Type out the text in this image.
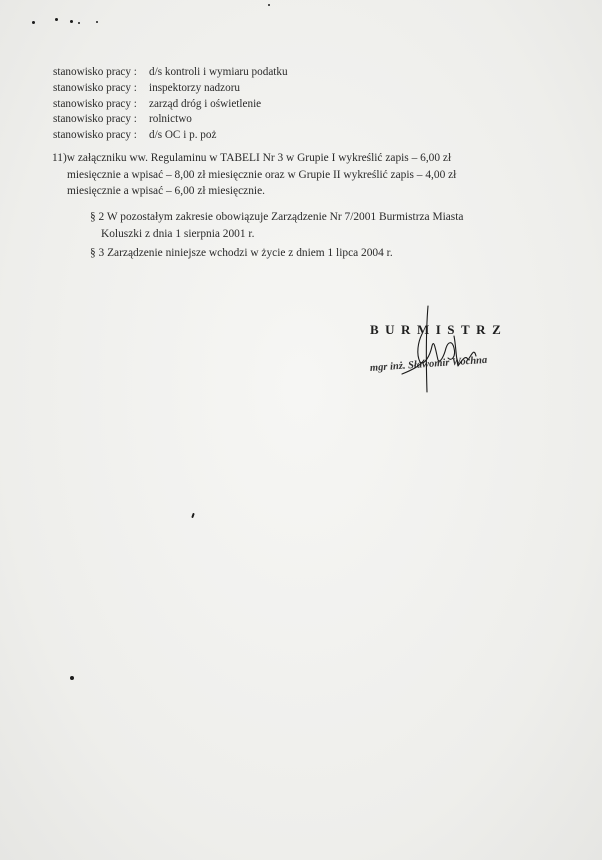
stanowisko pracy : d/s kontroli i wymiaru podatku
stanowisko pracy : inspektorzy nadzoru
stanowisko pracy : zarząd dróg i oświetlenie
stanowisko pracy : rolnictwo
stanowisko pracy : d/s OC i p. poż
11)w załączniku ww. Regulaminu w TABELI Nr 3 w Grupie I wykreślić zapis – 6,00 zł
miesięcznie a wpisać – 8,00 zł miesięcznie oraz w Grupie II wykreślić zapis – 4,00 zł
miesięcznie a wpisać – 6,00 zł miesięcznie.
§ 2 W pozostałym zakresie obowiązuje Zarządzenie Nr 7/2001 Burmistrza Miasta
Koluszki z dnia 1 sierpnia 2001 r.
§ 3 Zarządzenie niniejsze wchodzi w życie z dniem 1 lipca 2004 r.
BURMISTRZ
mgr inż. Sławomir Wochna
